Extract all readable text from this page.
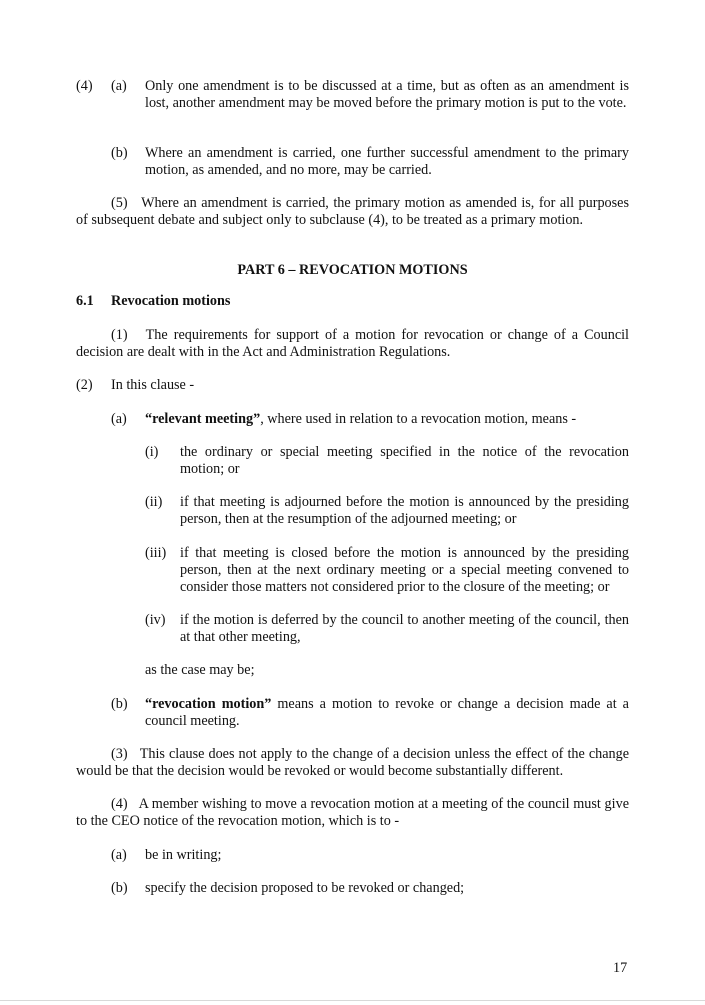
(4) (a) Only one amendment is to be discussed at a time, but as often as an amendment is lost, another amendment may be moved before the primary motion is put to the vote.
(b) Where an amendment is carried, one further successful amendment to the primary motion, as amended, and no more, may be carried.
(5) Where an amendment is carried, the primary motion as amended is, for all purposes of subsequent debate and subject only to subclause (4), to be treated as a primary motion.
PART 6 – REVOCATION MOTIONS
6.1 Revocation motions
(1) The requirements for support of a motion for revocation or change of a Council decision are dealt with in the Act and Administration Regulations.
(2) In this clause -
(a) “relevant meeting”, where used in relation to a revocation motion, means -
(i) the ordinary or special meeting specified in the notice of the revocation motion; or
(ii) if that meeting is adjourned before the motion is announced by the presiding person, then at the resumption of the adjourned meeting; or
(iii) if that meeting is closed before the motion is announced by the presiding person, then at the next ordinary meeting or a special meeting convened to consider those matters not considered prior to the closure of the meeting; or
(iv) if the motion is deferred by the council to another meeting of the council, then at that other meeting,
as the case may be;
(b) “revocation motion” means a motion to revoke or change a decision made at a council meeting.
(3) This clause does not apply to the change of a decision unless the effect of the change would be that the decision would be revoked or would become substantially different.
(4) A member wishing to move a revocation motion at a meeting of the council must give to the CEO notice of the revocation motion, which is to -
(a) be in writing;
(b) specify the decision proposed to be revoked or changed;
17
